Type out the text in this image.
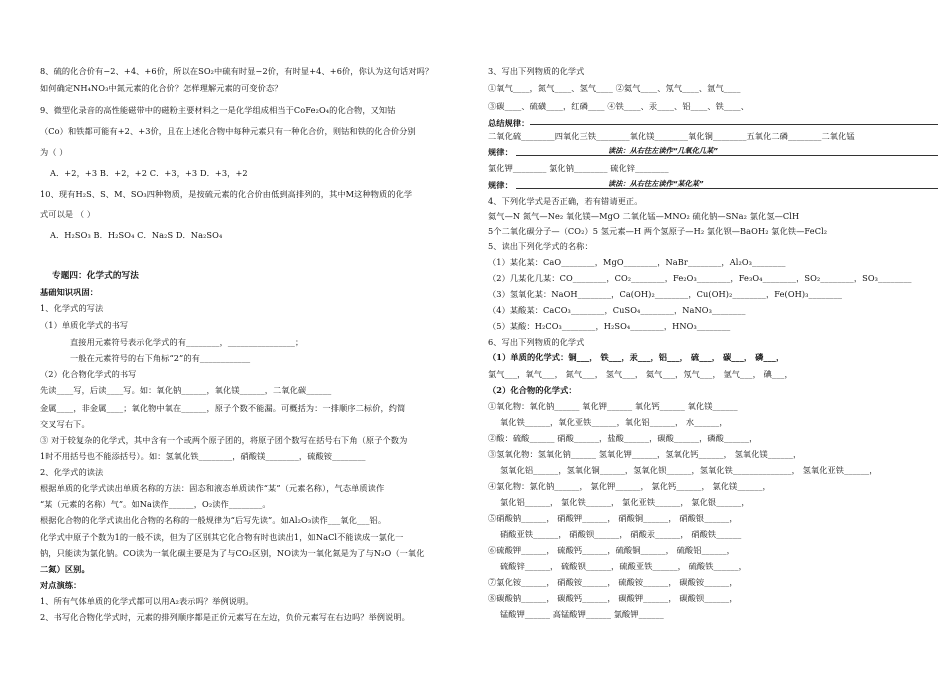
8、硫的化合价有−2、+4、+6价，所以在SO₂中硫有时显−2价，有时显+4、+6价，你认为这句话对吗？
如何确定NH₄NO₃中氮元素的化合价？怎样理解元素的可变价态？
9、微型化录音的高性能磁带中的磁粉主要材料之一是化学组成相当于CoFe₂O₄的化合物，又知钴
（Co）和铁都可能有+2、+3价，且在上述化合物中每种元素只有一种化合价，则钴和铁的化合价分别
为（ ）
A．+2，+3 B．+2，+2 C．+3，+3 D．+3，+2
10、现有H₂S、S、M、SO₃四种物质，是按硫元素的化合价由低到高排列的，其中M这种物质的化学
式可以是 （ ）
A．H₂SO₃ B．H₂SO₄ C．Na₂S D．Na₂SO₄
专题四：化学式的写法
基础知识巩固：
1、化学式的写法
（1）单质化学式的书写
直接用元素符号表示化学式的有________，________________；
一般在元素符号的右下角标“2”的有____________
（2）化合物化学式的书写
先读____写，后读____写。如：氧化钠______，氧化镁______，二氧化碳______
金属____，非金属____；氧化物中氧在______，原子个数不能漏。可概括为：一排顺序二标价，约简
交叉写右下。
③ 对于较复杂的化学式，其中含有一个或两个原子团的，将原子团个数写在括号右下角（原子个数为
1时不用括号也不能添括号）。如：氢氧化铁________，硝酸镁________，硫酸铵________
2、化学式的读法
根据单质的化学式读出单质名称的方法：固态和液态单质读作“某”（元素名称），气态单质读作
“某（元素的名称）气”。如Na读作______，O₂读作________。
根据化合物的化学式读出化合物的名称的一般规律为“后写先读”。如Al₂O₃读作___氧化___铝。
化学式中原子个数为1的一般不读，但为了区别其它化合物有时也读出1，如NaCl不能读成一氯化一
钠，只能读为氯化钠。CO读为一氧化碳主要是为了与CO₂区别，NO读为一氧化氮是为了与N₂O（一氧化
二氮）区别。
对点演练：
1、所有气体单质的化学式都可以用A₂表示吗？举例说明。
2、书写化合物化学式时，元素的排列顺序都是正价元素写在左边，负价元素写在右边吗？举例说明。
3、写出下列物质的化学式
①氧气____，氮气____、氢气____ ②氦气____、氖气____、氩气____
③碳____、硫磺____，红磷____ ④铁____、汞____、铝____、铁____、
总结规律：
二氧化硫________四氧化三铁________氧化镁________氧化铜________五氧化二磷________二氧化锰
规律：	读法：从右往左读作“几氧化几某”
氯化钾________ 氯化钠________ 硫化锌________
规律：	读法：从右往左读作“某化某”
4、下列化学式是否正确，若有错请更正。
氦气—N 氮气—Ne₂ 氧化镁—MgO 二氧化锰—MNO₂ 硫化钠—SNa₂ 氯化氢—ClH
5个二氧化碳分子—（CO₂）5 氢元素—H 两个氢原子—H₂ 氯化钡—BaOH₂ 氯化铁—FeCl₂
5、读出下列化学式的名称：
（1）某化某：CaO________，MgO________，NaBr________，Al₂O₃________
（2）几某化几某：CO________，CO₂________，Fe₂O₃________，Fe₃O₄________，SO₂________，SO₃________
（3）氢氧化某：NaOH________，Ca(OH)₂________，Cu(OH)₂________，Fe(OH)₃________
（4）某酸某：CaCO₃________，CuSO₄________，NaNO₃________
（5）某酸：H₂CO₃________，H₂SO₄________，HNO₃________
6、写出下列物质的化学式
（1）单质的化学式：铜___， 铁___，汞___，铝___， 硫___， 碳___， 磷___，
氯气___，氧气___， 氮气___， 氢气___， 氦气___，氖气___， 氩气___， 碘___，
（2）化合物的化学式：
①氧化物：氧化钠______ 氧化钾______ 氧化钙______ 氧化镁______
氧化铁______，氧化亚铁______，氧化铝______， 水______，
②酸：硫酸______ 硝酸______，盐酸______，碳酸______，磷酸______，
③氢氧化物：氢氧化钠______ 氢氧化钾______，氢氧化钙______， 氢氧化镁______，
氢氧化铝______，氢氧化铜______，氢氧化钡______，氢氧化铁______________， 氢氧化亚铁______，
④氯化物：氯化钠______， 氯化钾______， 氯化钙______， 氯化镁______，
氯化铝______， 氯化铁______， 氯化亚铁______， 氯化银______，
⑤硝酸钠______， 硝酸钾______， 硝酸铜______， 硝酸银______，
硝酸亚铁______， 硝酸钡______， 硝酸汞______， 硝酸铁______
⑥硫酸钾______， 硫酸钙______，硫酸铜______， 硫酸铝______，
硫酸锌______， 硫酸钡______，硫酸亚铁______， 硫酸铁______，
⑦氯化铵______， 硝酸铵______， 硫酸铵______， 碳酸铵______，
⑧碳酸钠______， 碳酸钙______， 碳酸钾______， 碳酸钡______，
锰酸钾______ 高锰酸钾______ 氯酸钾______
